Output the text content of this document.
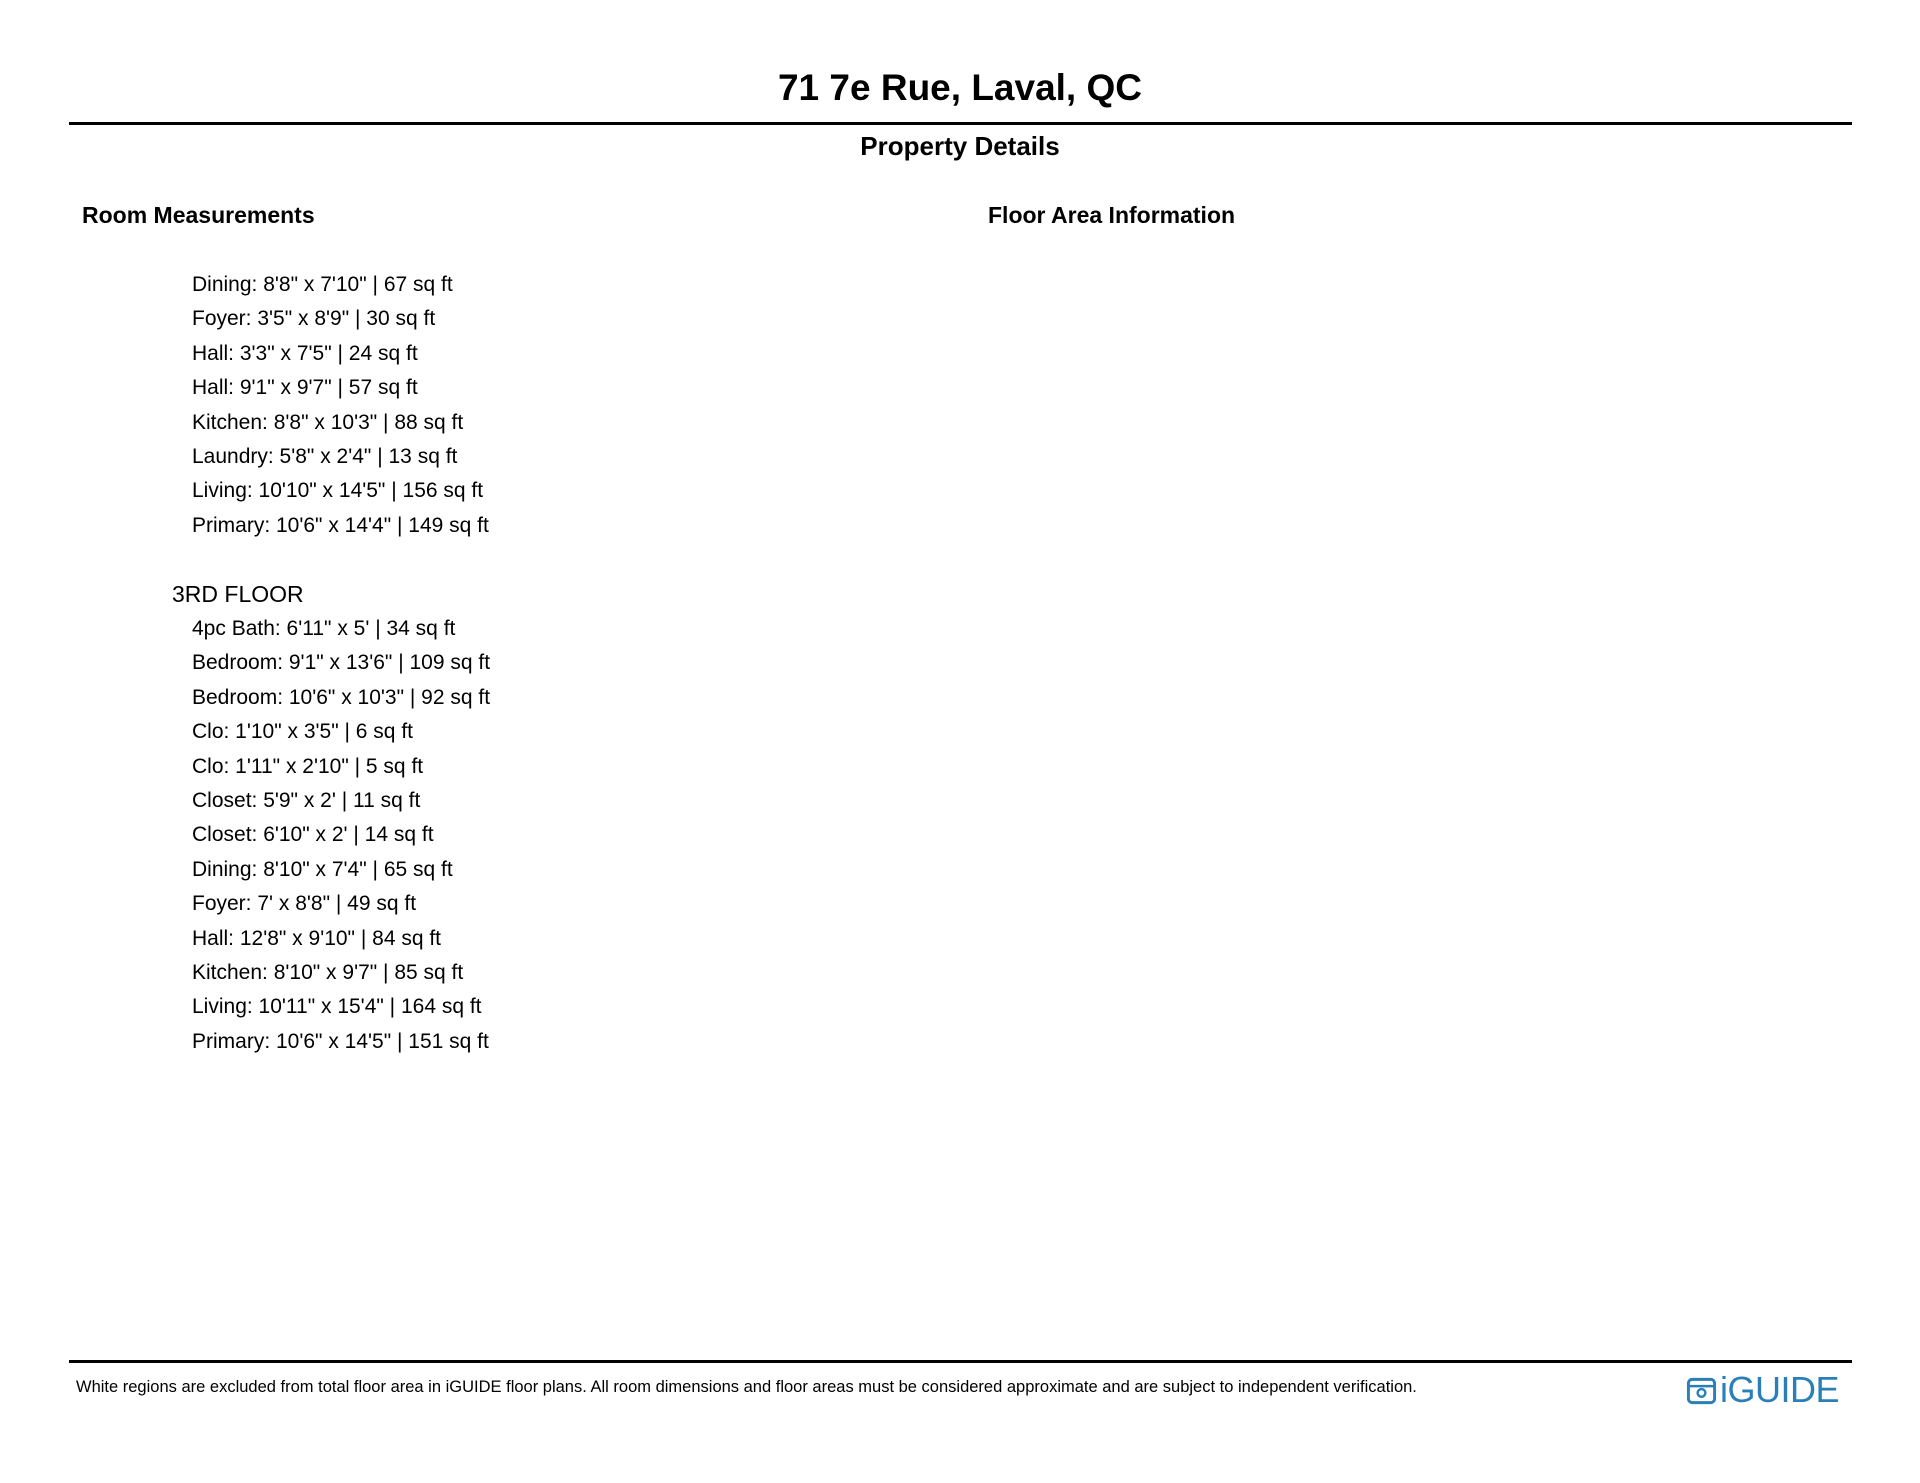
71 7e Rue, Laval, QC
Property Details
Room Measurements	Floor Area Information
Dining: 8'8" x 7'10" | 67 sq ft
Foyer: 3'5" x 8'9" | 30 sq ft
Hall: 3'3" x 7'5" | 24 sq ft
Hall: 9'1" x 9'7" | 57 sq ft
Kitchen: 8'8" x 10'3" | 88 sq ft
Laundry: 5'8" x 2'4" | 13 sq ft
Living: 10'10" x 14'5" | 156 sq ft
Primary: 10'6" x 14'4" | 149 sq ft
3RD FLOOR
4pc Bath: 6'11" x 5' | 34 sq ft
Bedroom: 9'1" x 13'6" | 109 sq ft
Bedroom: 10'6" x 10'3" | 92 sq ft
Clo: 1'10" x 3'5" | 6 sq ft
Clo: 1'11" x 2'10" | 5 sq ft
Closet: 5'9" x 2' | 11 sq ft
Closet: 6'10" x 2' | 14 sq ft
Dining: 8'10" x 7'4" | 65 sq ft
Foyer: 7' x 8'8" | 49 sq ft
Hall: 12'8" x 9'10" | 84 sq ft
Kitchen: 8'10" x 9'7" | 85 sq ft
Living: 10'11" x 15'4" | 164 sq ft
Primary: 10'6" x 14'5" | 151 sq ft
White regions are excluded from total floor area in iGUIDE floor plans. All room dimensions and floor areas must be considered approximate and are subject to independent verification.	iGUIDE
